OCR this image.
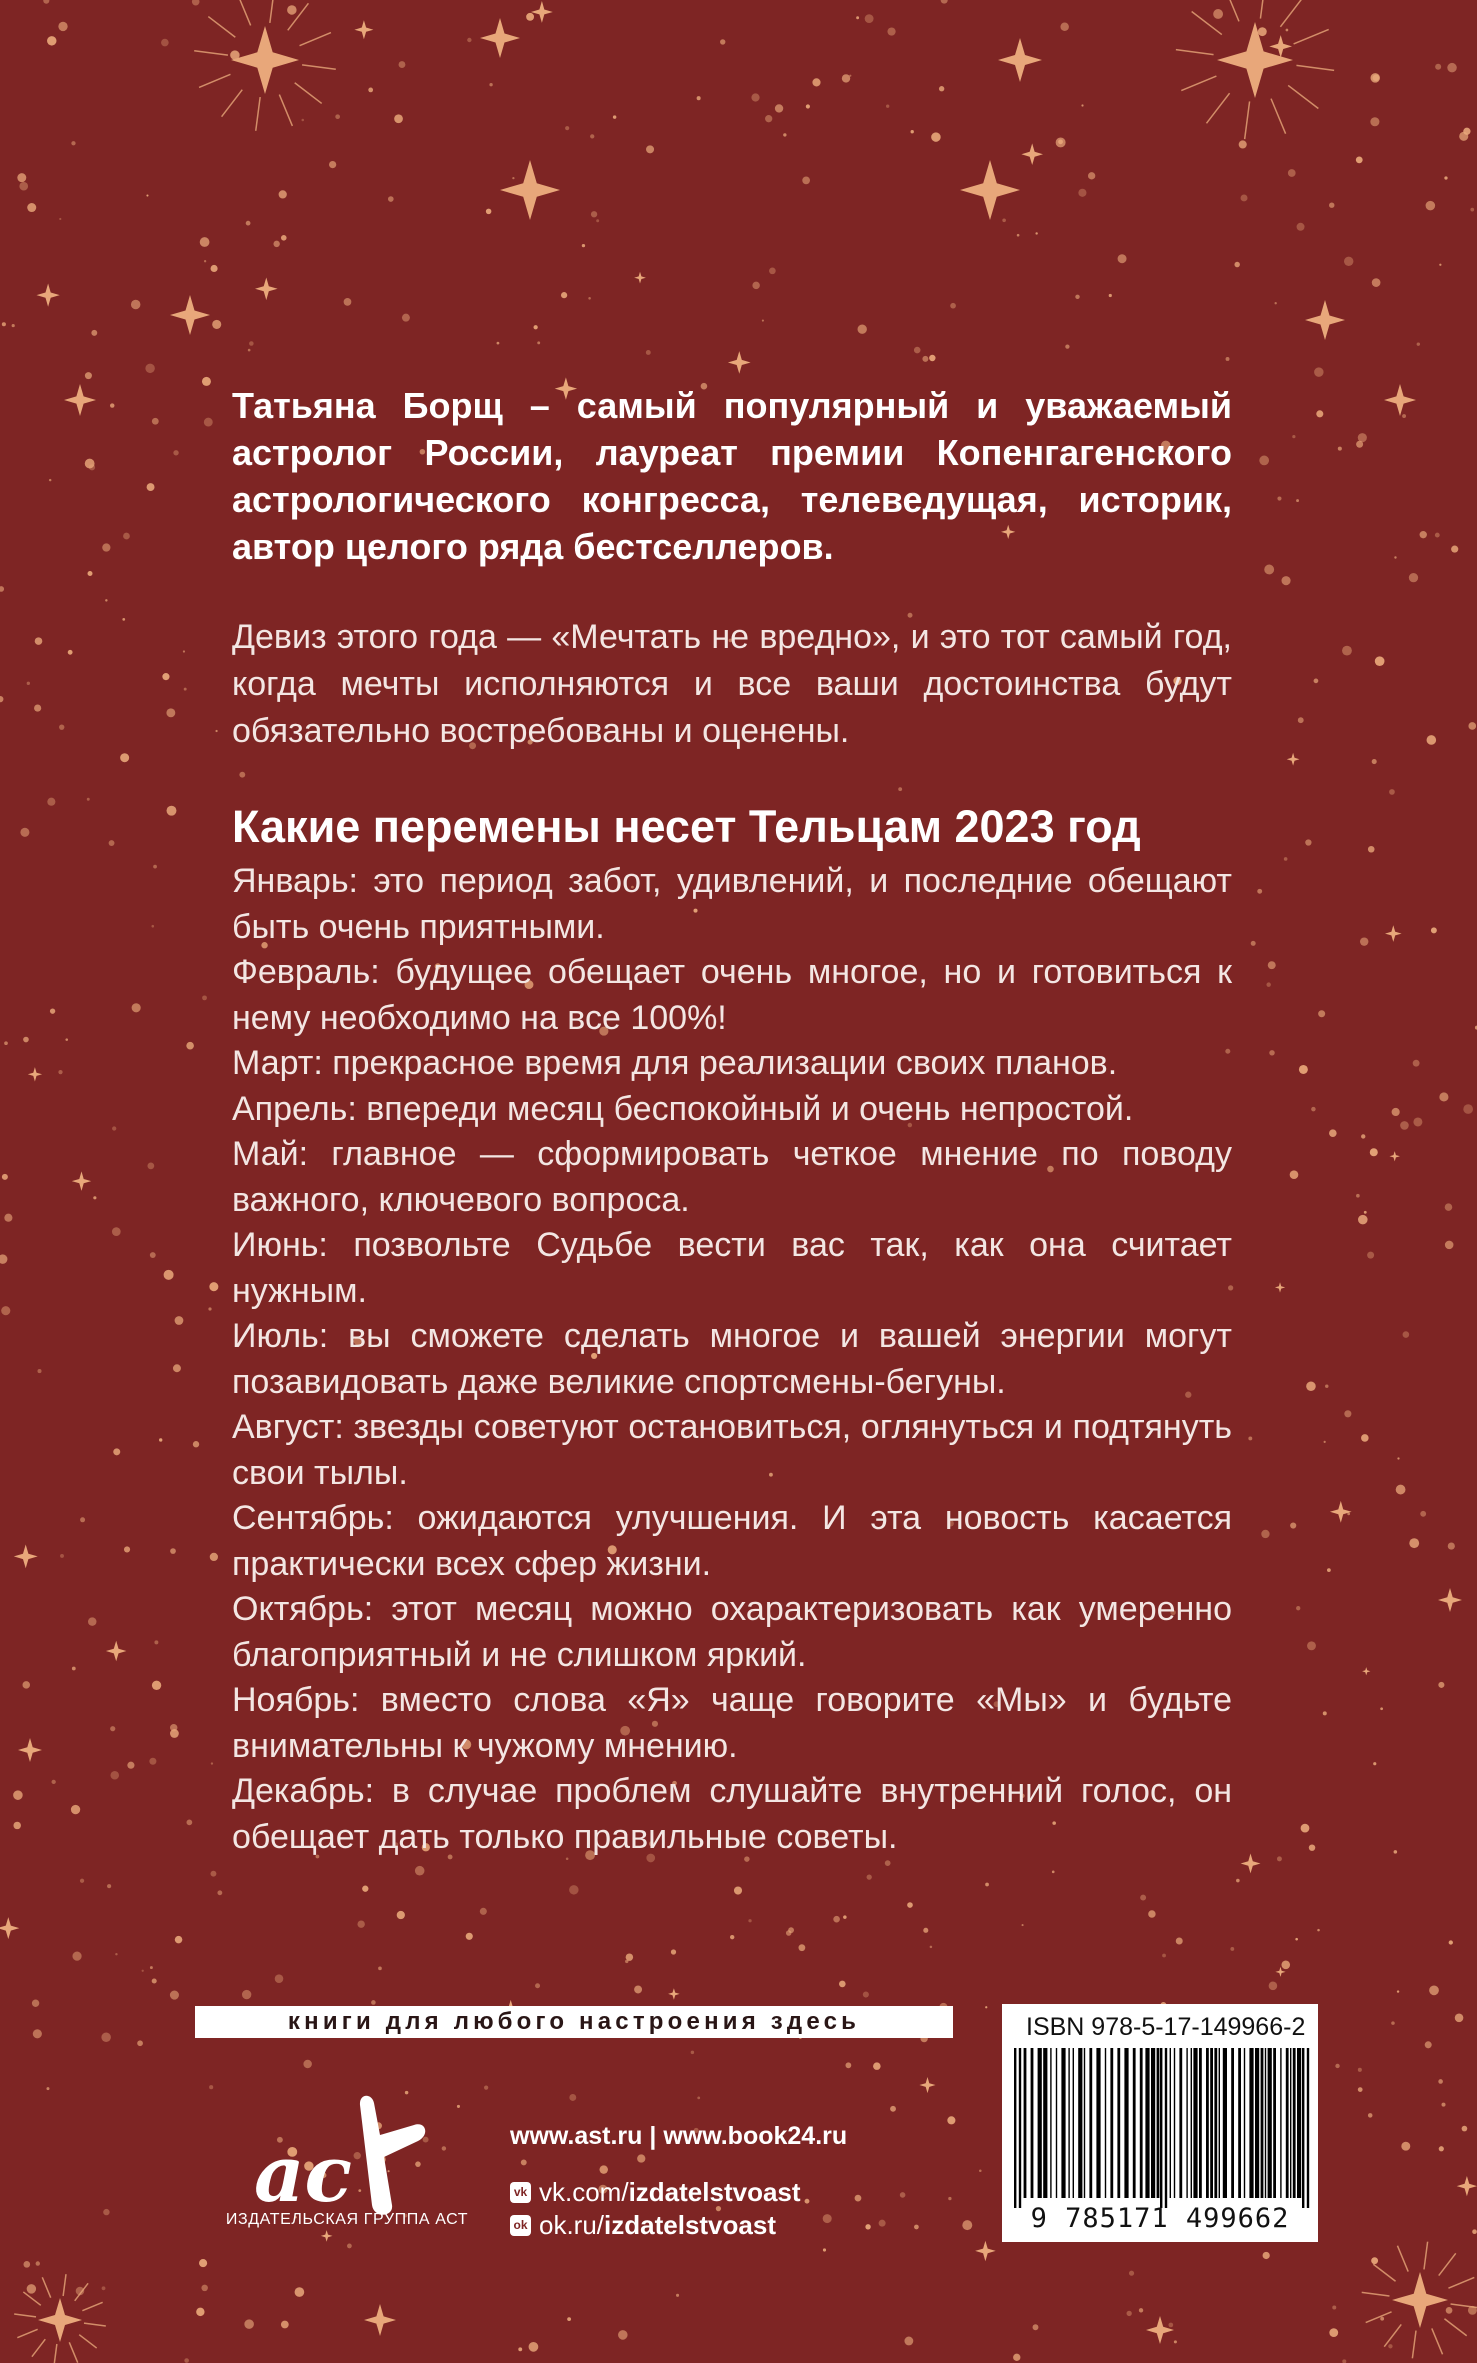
Татьяна Борщ – самый популярный и уважаемый астролог России, лауреат премии Копенгагенского астрологического конгресса, телеведущая, историк, автор целого ряда бестселлеров.

Девиз этого года — «Мечтать не вредно», и это тот самый год, когда мечты исполняются и все ваши достоинства будут обязательно востребованы и оценены.

Какие перемены несет Тельцам 2023 год

Январь: это период забот, удивлений, и последние обещают быть очень приятными.

Февраль: будущее обещает очень многое, но и готовиться к нему необходимо на все 100%!

Март: прекрасное время для реализации своих планов.

Апрель: впереди месяц беспокойный и очень непростой.

Май: главное — сформировать четкое мнение по поводу важного, ключевого вопроса.

Июнь: позвольте Судьбе вести вас так, как она считает нужным.

Июль: вы сможете сделать многое и вашей энергии могут позавидовать даже великие спортсмены-бегуны.

Август: звезды советуют остановиться, оглянуться и подтянуть свои тылы.

Сентябрь: ожидаются улучшения. И эта новость касается практически всех сфер жизни.

Октябрь: этот месяц можно охарактеризовать как умеренно благоприятный и не слишком яркий.

Ноябрь: вместо слова «Я» чаще говорите «Мы» и будьте внимательны к чужому мнению.

Декабрь: в случае проблем слушайте внутренний голос, он обещает дать только правильные советы.

книги для любого настроения здесь
ac
ИЗДАТЕЛЬСКАЯ ГРУППА АСТ
www.ast.ru | www.book24.ru
vk vk.com/ izdatelstvoast
ok ok.ru/ izdatelstvoast
ISBN 978-5-17-149966-2
9 785171 499662
